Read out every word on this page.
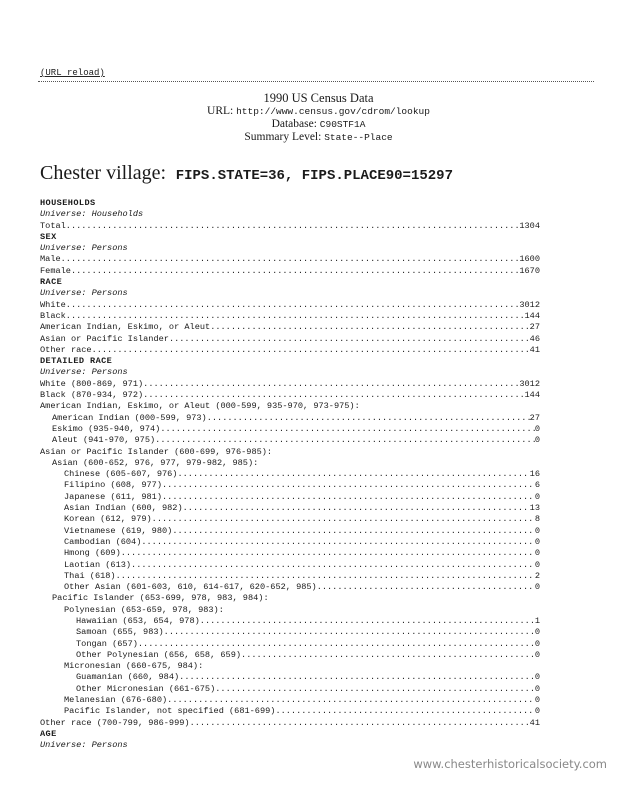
(URL reload)
1990 US Census Data
URL: http://www.census.gov/cdrom/lookup
Database: C90STF1A
Summary Level: State--Place
Chester village: FIPS.STATE=36, FIPS.PLACE90=15297
HOUSEHOLDS
Universe: Households
Total .....	1304
SEX
Universe: Persons
Male .....	1600
Female .....	1670
RACE
Universe: Persons
White .....	3012
Black .....	144
American Indian, Eskimo, or Aleut .....	27
Asian or Pacific Islander .....	46
Other race .....	41
DETAILED RACE
Universe: Persons
White (800-869, 971) .....	3012
Black (870-934, 972) .....	144
American Indian, Eskimo, or Aleut (000-599, 935-970, 973-975):
American Indian (000-599, 973) .....	27
Eskimo (935-940, 974) .....	0
Aleut (941-970, 975) .....	0
Asian or Pacific Islander (600-699, 976-985):
Asian (600-652, 976, 977, 979-982, 985):
Chinese (605-607, 976) .....	16
Filipino (608, 977) .....	6
Japanese (611, 981) .....	0
Asian Indian (600, 982) .....	13
Korean (612, 979) .....	8
Vietnamese (619, 980) .....	0
Cambodian (604) .....	0
Hmong (609) .....	0
Laotian (613) .....	0
Thai (618) .....	2
Other Asian (601-603, 610, 614-617, 620-652, 985) .....	0
Pacific Islander (653-699, 978, 983, 984):
Polynesian (653-659, 978, 983):
Hawaiian (653, 654, 978) .....	1
Samoan (655, 983) .....	0
Tongan (657) .....	0
Other Polynesian (656, 658, 659) .....	0
Micronesian (660-675, 984):
Guamanian (660, 984) .....	0
Other Micronesian (661-675) .....	0
Melanesian (676-680) .....	0
Pacific Islander, not specified (681-699) .....	0
Other race (700-799, 986-999) .....	41
AGE
Universe: Persons
www.chesterhistoricalsociety.com
